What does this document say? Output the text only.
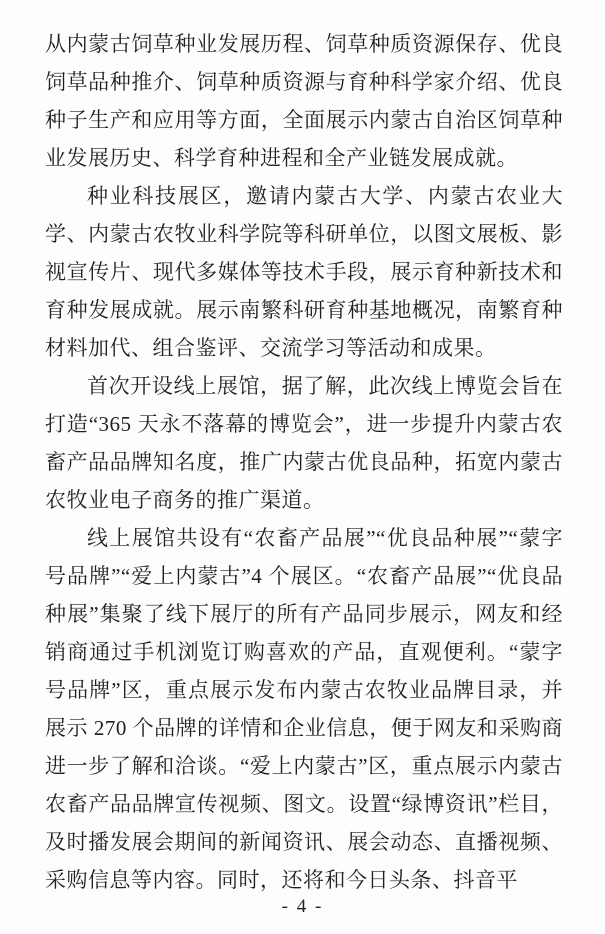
从内蒙古饲草种业发展历程、饲草种质资源保存、优良饲草品种推介、饲草种质资源与育种科学家介绍、优良种子生产和应用等方面，全面展示内蒙古自治区饲草种业发展历史、科学育种进程和全产业链发展成就。

种业科技展区，邀请内蒙古大学、内蒙古农业大学、内蒙古农牧业科学院等科研单位，以图文展板、影视宣传片、现代多媒体等技术手段，展示育种新技术和育种发展成就。展示南繁科研育种基地概况，南繁育种材料加代、组合鉴评、交流学习等活动和成果。

首次开设线上展馆，据了解，此次线上博览会旨在打造“365 天永不落幕的博览会”，进一步提升内蒙古农畜产品品牌知名度，推广内蒙古优良品种，拓宽内蒙古农牧业电子商务的推广渠道。

线上展馆共设有“农畜产品展”“优良品种展”“蒙字号品牌”“爱上内蒙古”4 个展区。“农畜产品展”“优良品种展”集聚了线下展厅的所有产品同步展示，网友和经销商通过手机浏览订购喜欢的产品，直观便利。“蒙字号品牌”区，重点展示发布内蒙古农牧业品牌目录，并展示 270 个品牌的详情和企业信息，便于网友和采购商进一步了解和洽谈。“爱上内蒙古”区，重点展示内蒙古农畜产品品牌宣传视频、图文。设置“绿博资讯”栏目，及时播发展会期间的新闻资讯、展会动态、直播视频、采购信息等内容。同时，还将和今日头条、抖音平

- 4 -
